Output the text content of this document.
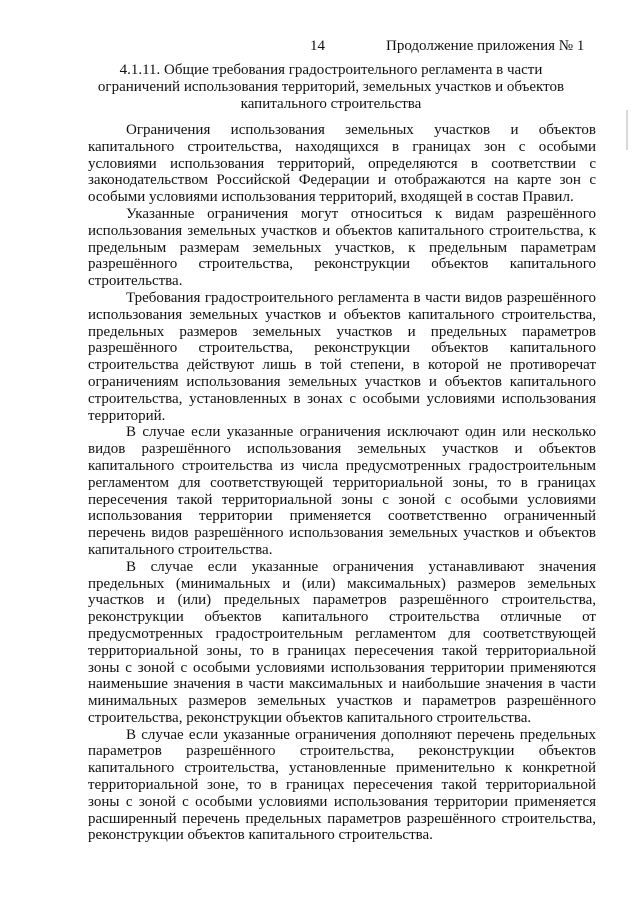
14	Продолжение приложения № 1
4.1.11. Общие требования градостроительного регламента в части ограничений использования территорий, земельных участков и объектов капитального строительства

Ограничения использования земельных участков и объектов капитального строительства, находящихся в границах зон с особыми условиями использования территорий, определяются в соответствии с законодательством Российской Федерации и отображаются на карте зон с особыми условиями использования территорий, входящей в состав Правил.

Указанные ограничения могут относиться к видам разрешённого использования земельных участков и объектов капитального строительства, к предельным размерам земельных участков, к предельным параметрам разрешённого строительства, реконструкции объектов капитального строительства.

Требования градостроительного регламента в части видов разрешённого использования земельных участков и объектов капитального строительства, предельных размеров земельных участков и предельных параметров разрешённого строительства, реконструкции объектов капитального строительства действуют лишь в той степени, в которой не противоречат ограничениям использования земельных участков и объектов капитального строительства, установленных в зонах с особыми условиями использования территорий.

В случае если указанные ограничения исключают один или несколько видов разрешённого использования земельных участков и объектов капитального строительства из числа предусмотренных градостроительным регламентом для соответствующей территориальной зоны, то в границах пересечения такой территориальной зоны с зоной с особыми условиями использования территории применяется соответственно ограниченный перечень видов разрешённого использования земельных участков и объектов капитального строительства.

В случае если указанные ограничения устанавливают значения предельных (минимальных и (или) максимальных) размеров земельных участков и (или) предельных параметров разрешённого строительства, реконструкции объектов капитального строительства отличные от предусмотренных градостроительным регламентом для соответствующей территориальной зоны, то в границах пересечения такой территориальной зоны с зоной с особыми условиями использования территории применяются наименьшие значения в части максимальных и наибольшие значения в части минимальных размеров земельных участков и параметров разрешённого строительства, реконструкции объектов капитального строительства.

В случае если указанные ограничения дополняют перечень предельных параметров разрешённого строительства, реконструкции объектов капитального строительства, установленные применительно к конкретной территориальной зоне, то в границах пересечения такой территориальной зоны с зоной с особыми условиями использования территории применяется расширенный перечень предельных параметров разрешённого строительства, реконструкции объектов капитального строительства.
